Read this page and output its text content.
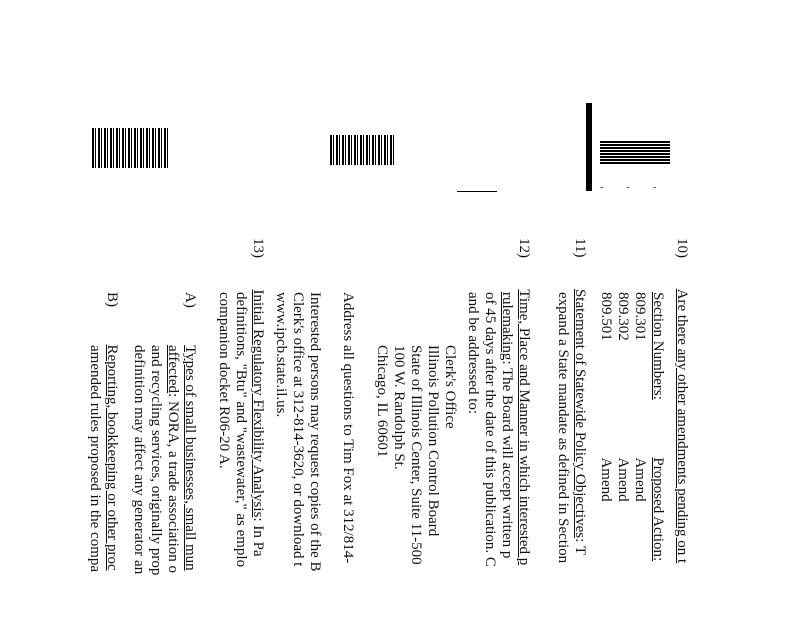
- - -
10)  Are there any other amendments pending on t
Section Numbers:  Proposed Action:
809.301  Amend
809.302  Amend
809.501  Amend
11)  Statement of Statewide Policy Objectives: T
expand a State mandate as defined in Section
12)  Time, Place and Manner in which interested p
rulemaking: The Board will accept written p
of 45 days after the date of this publication. C
and be addressed to:
Clerk's Office
Illinois Pollution Control Board
State of Illinois Center, Suite 11-500
100 W. Randolph St.
Chicago, IL 60601
Address all questions to Tim Fox at 312/814-
Interested persons may request copies of the B
Clerk's office at 312-814-3620, or download t
www.ipcb.state.il.us.
13)  Initial Regulatory Flexibility Analysis: In Pa
definitions, "Btu" and "wastewater," as emplo
companion docket R06-20 A.
A)  Types of small businesses, small mun
affected: NORA, a trade association o
and recycling services, originally prop
definition may affect any generator an
B)  Reporting, bookkeeping or other proc
amended rules proposed in the compa
